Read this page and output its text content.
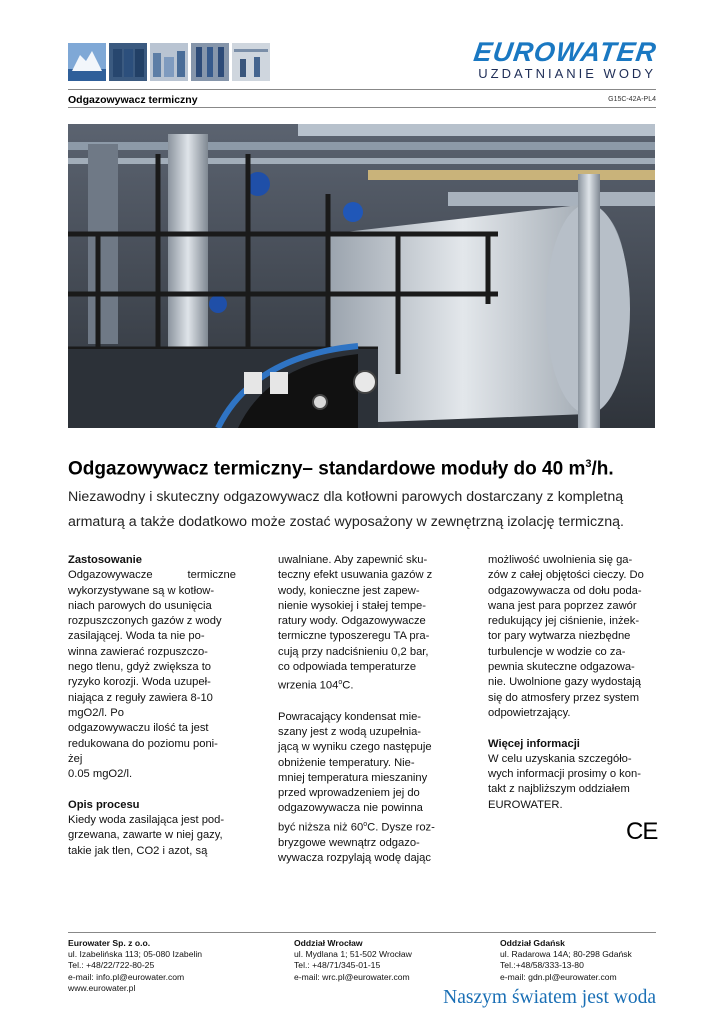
EUROWATER
UZDATNIANIE WODY
Odgazowywacz termiczny	G15C-42A-PL4
Odgazowywacz termiczny– standardowe moduły do 40 $m^3/h$.
Niezawodny i skuteczny odgazowywacz dla kotłowni parowych dostarczany z kompletną
armaturą a także dodatkowo może zostać wyposażony w zewnętrzną izolację termiczną.
Zastosowanie
Odgazowywacze	termiczne
wykorzystywane są w kotłow-
niach parowych do usunięcia
rozpuszczonych gazów z wody
zasilającej. Woda ta nie po-
winna zawierać rozpuszczo-
nego tlenu, gdyż zwiększa to
ryzyko korozji. Woda uzupeł-
niająca z reguły zawiera 8-10
mgO2/l. Po
odgazowywaczu ilość ta jest
redukowana do poziomu poni-
żej
0.05 mgO2/l.
Opis procesu
Kiedy woda zasilająca jest pod-
grzewana, zawarte w niej gazy,
takie jak tlen, CO2 i azot, są
uwalniane. Aby zapewnić sku-
teczny efekt usuwania gazów z
wody, konieczne jest zapew-
nienie wysokiej i stałej tempe-
ratury wody. Odgazowywacze
termiczne typoszeregu TA pra-
cują przy nadciśnieniu 0,2 bar,
co odpowiada temperaturze
wrzenia 104$^o$C.
Powracający kondensat mie-
szany jest z wodą uzupełnia-
jącą w wyniku czego następuje
obniżenie temperatury. Nie-
mniej temperatura mieszaniny
przed wprowadzeniem jej do
odgazowywacza nie powinna
być niższa niż 60$^o$C. Dysze roz-
bryzgowe wewnątrz odgazo-
wywacza rozpylają wodę dając
możliwość uwolnienia się ga-
zów z całej objętości cieczy. Do
odgazowywacza od dołu poda-
wana jest para poprzez zawór
redukujący jej ciśnienie, inżek-
tor pary wytwarza niezbędne
turbulencje w wodzie co za-
pewnia skuteczne odgazowa-
nie. Uwolnione gazy wydostają
się do atmosfery przez system
odpowietrzający.
Więcej informacji
W celu uzyskania szczegóło-
wych informacji prosimy o kon-
takt z najbliższym oddziałem
EUROWATER.
CE
Eurowater Sp. z o.o.
ul. Izabelińska 113; 05-080 Izabelin
Tel.: +48/22/722-80-25
e-mail: info.pl@eurowater.com
www.eurowater.pl
Oddział Wrocław
ul. Mydlana 1; 51-502 Wrocław
Tel.: +48/71/345-01-15
e-mail: wrc.pl@eurowater.com
Oddział Gdańsk
ul. Radarowa 14A; 80-298 Gdańsk
Tel.:+48/58/333-13-80
e-mail: gdn.pl@eurowater.com
Naszym światem jest woda
